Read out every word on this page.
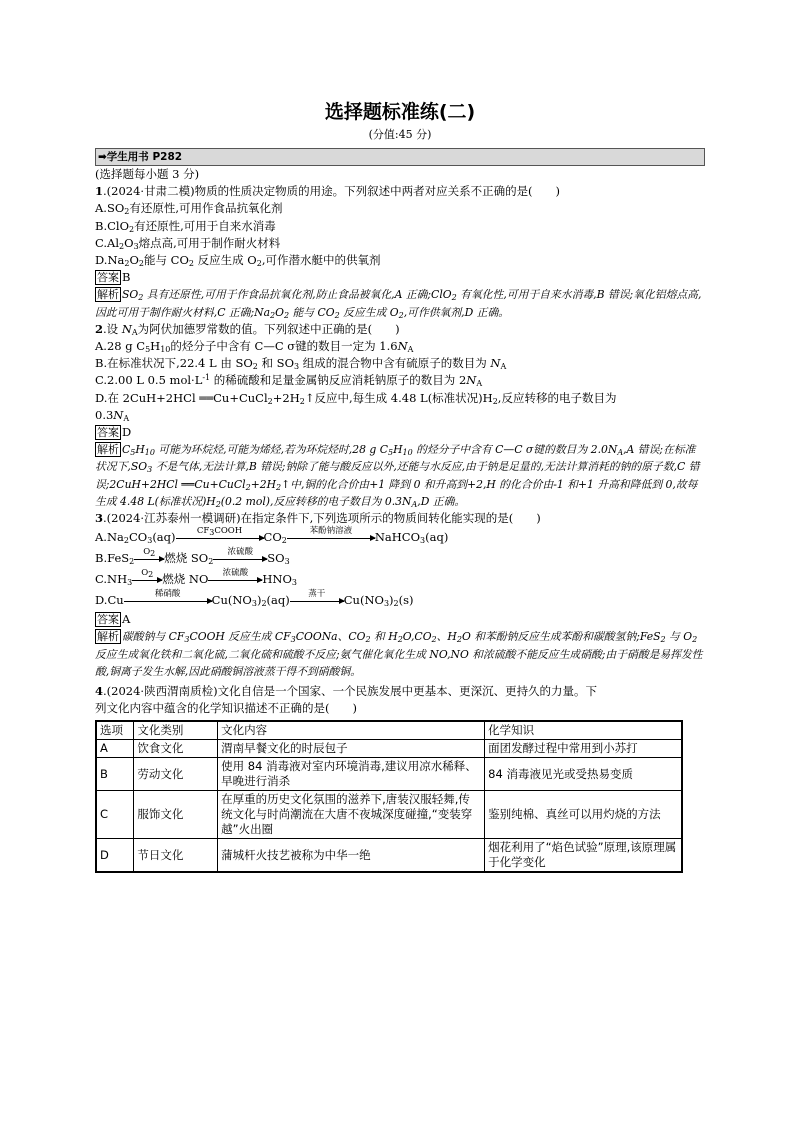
选择题标准练(二)
(分值:45 分)
➡学生用书 P282
(选择题每小题 3 分)
1.(2024·甘肃二模)物质的性质决定物质的用途。下列叙述中两者对应关系不正确的是(　　)
$A.SO_2$有还原性,可用作食品抗氧化剂
B.ClO$_2$有还原性,可用于自来水消毒
$C.Al_2O_3$熔点高,可用于制作耐火材料
$D.Na_2O_2$能与 $CO_2$ 反应生成 $O_2$,可作潜水艇中的供氧剂
答案 B
解析 $SO_2$ 具有还原性,可用于作食品抗氧化剂,防止食品被氧化,A 正确;ClO$_2$ 有氧化性,可用于自来水消毒,B 错误;氧化铝熔点高,因此可用于制作耐火材料,C 正确$;Na_2O_2$ 能与 $CO_2$ 反应生成 $O_2$,可作供氧剂,D 正确。
2.设 $N_A$为阿伏加德罗常数的值。下列叙述中正确的是(　　)
A.28 g $C_5H_{10}$的烃分子中含有 C—C σ键的数目一定为 $1.6N_A$
B.在标准状况下,22.4 L 由 $SO_2$ 和 $SO_3$ 组成的混合物中含有硫原子的数目为 $N_A$
C.2.00 L 0.5 $mol\cdot L^{-1}$ 的稀硫酸和足量金属钠反应消耗钠原子的数目为 $2N_A$
D.在 2CuH+2HCl $══Cu+CuCl_2+2H_2↑$反应中,每生成 4.48 L(标准状况)$H_2$,反应转移的电子数目为
$0.3N_A$
答案 D
解析 $C_5H_{10}$ 可能为环烷烃,可能为烯烃,若为环烷烃时,28 g $C_5H_{10}$ 的烃分子中含有 C—C σ键的数目为 $2.0N_A,A$ 错误;在标准状况下$,SO_3$ 不是气体,无法计算,B 错误;钠除了能与酸反应以外,还能与水反应,由于钠是足量的,无法计算消耗的钠的原子数,C 错误;2CuH+2HCl $══Cu+CuCl_2+2H_2↑$中,铜的化合价由+1 降到 0 和升高到+2,H 的化合价由-1 和+1 升高和降低到 0,故每生成 4.48 L(标准状况)$H_2(0.2$ mol),反应转移的电子数目为 $0.3N_A,D$ 正确。
3.(2024·江苏泰州一模调研)在指定条件下,下列选项所示的物质间转化能实现的是(　　)
$A.Na_2CO_3(aq)$	$CF_3COOH$	$CO_2$
苯酚钠溶液	NaHCO$_3$(aq)
B.FeS$_2$
$O_2$ 燃烧 $SO_2$
浓硫酸	$SO_3$
$C.NH_3$
$O_2$ 燃烧 NO	浓硫酸	$HNO_3$
D.Cu	稀硝酸	$Cu(NO_3)_2(aq)$	蒸干	$Cu(NO_3)_2(s)$
答案 A
解析 碳酸钠与 $CF_3COOH$ 反应生成 $CF_3COONa$、$CO_2$ 和 $H_2O,CO_2$、$H_2O$ 和苯酚钠反应生成苯酚和碳酸氢钠;FeS$_2$ 与 $O_2$ 反应生成氧化铁和二氧化硫,二氧化硫和硫酸不反应;氨气催化氧化生成 NO,NO 和浓硫酸不能反应生成硝酸;由于硝酸是易挥发性酸,铜离子发生水解,因此硝酸铜溶液蒸干得不到硝酸铜。
4.(2024·陕西渭南质检)文化自信是一个国家、一个民族发展中更基本、更深沉、更持久的力量。下
列文化内容中蕴含的化学知识描述不正确的是(　　)
选项	文化类别	文化内容	化学知识
A	饮食文化	渭南早餐文化的时辰包子	面团发酵过程中常用到小苏打
B	劳动文化	使用 84 消毒液对室内环境消毒,建议用凉水稀释、早晚进行消杀	84 消毒液见光或受热易变质
C	服饰文化	在厚重的历史文化氛围的滋养下,唐装汉服轻舞,传统文化与时尚潮流在大唐不夜城深度碰撞,“变装穿越”火出圈	鉴别纯棉、真丝可以用灼烧的方法
D	节日文化	蒲城杆火技艺被称为中华一绝	烟花利用了“焰色试验”原理,该原理属于化学变化
